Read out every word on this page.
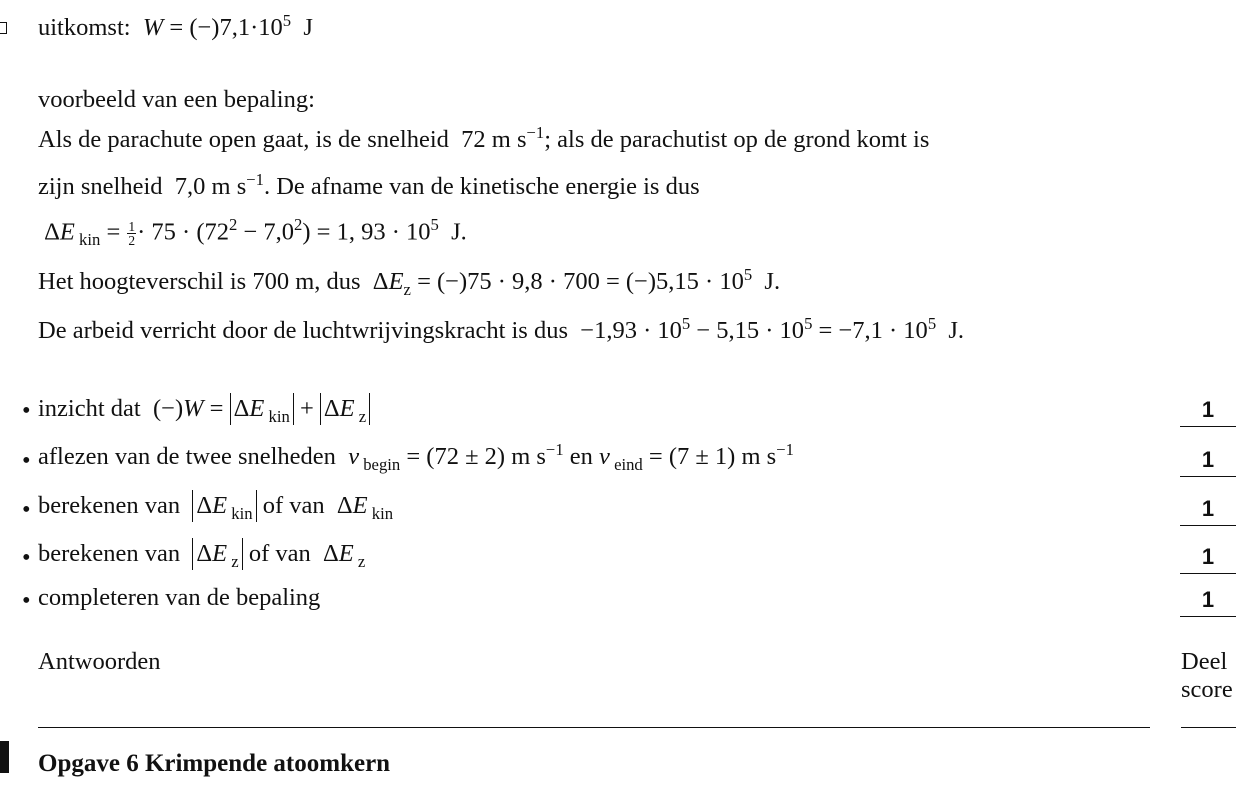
uitkomst: $W = (-)7,1\cdot 10^5$  J
voorbeeld van een bepaling:
Als de parachute open gaat, is de snelheid  72 m $s^{-1}$; als de parachutist op de grond komt is
zijn snelheid  7,0 m $s^{-1}$. De afname van de kinetische energie is dus
ΔE $_{kin} = \frac{1}{2} \cdot 75 \cdot (72^2 - 7,0^2) = 1$, $93 \cdot 10^5$  J.
Het hoogteverschil is 700 m, dus  $\Delta E_z = (-)75 \cdot 9,8 \cdot 700 = (-)5,15 \cdot 10^5$  J.
De arbeid verricht door de luchtwrijvingskracht is dus  $-1,93 \cdot 10^5 - 5,15 \cdot 10^5 = -7,1 \cdot 10^5$  J.
• inzicht dat  (−)W = ΔE $_{kin}$ + ΔE $_z$	1
• aflezen van de twee snelheden v $_{begin}$ = (72 ± 2) m $s^{-1}$ en v $_{eind}$ = (7 ± 1) m $s^{-1}$	1
• berekenen van ΔE $_{kin}$ of van  ΔE $_{kin}$	1
• berekenen van ΔE $_z$ of van  ΔE $_z$	1
• completeren van de bepaling	1
Antwoorden	Deel
score
Opgave 6 Krimpende atoomkern
